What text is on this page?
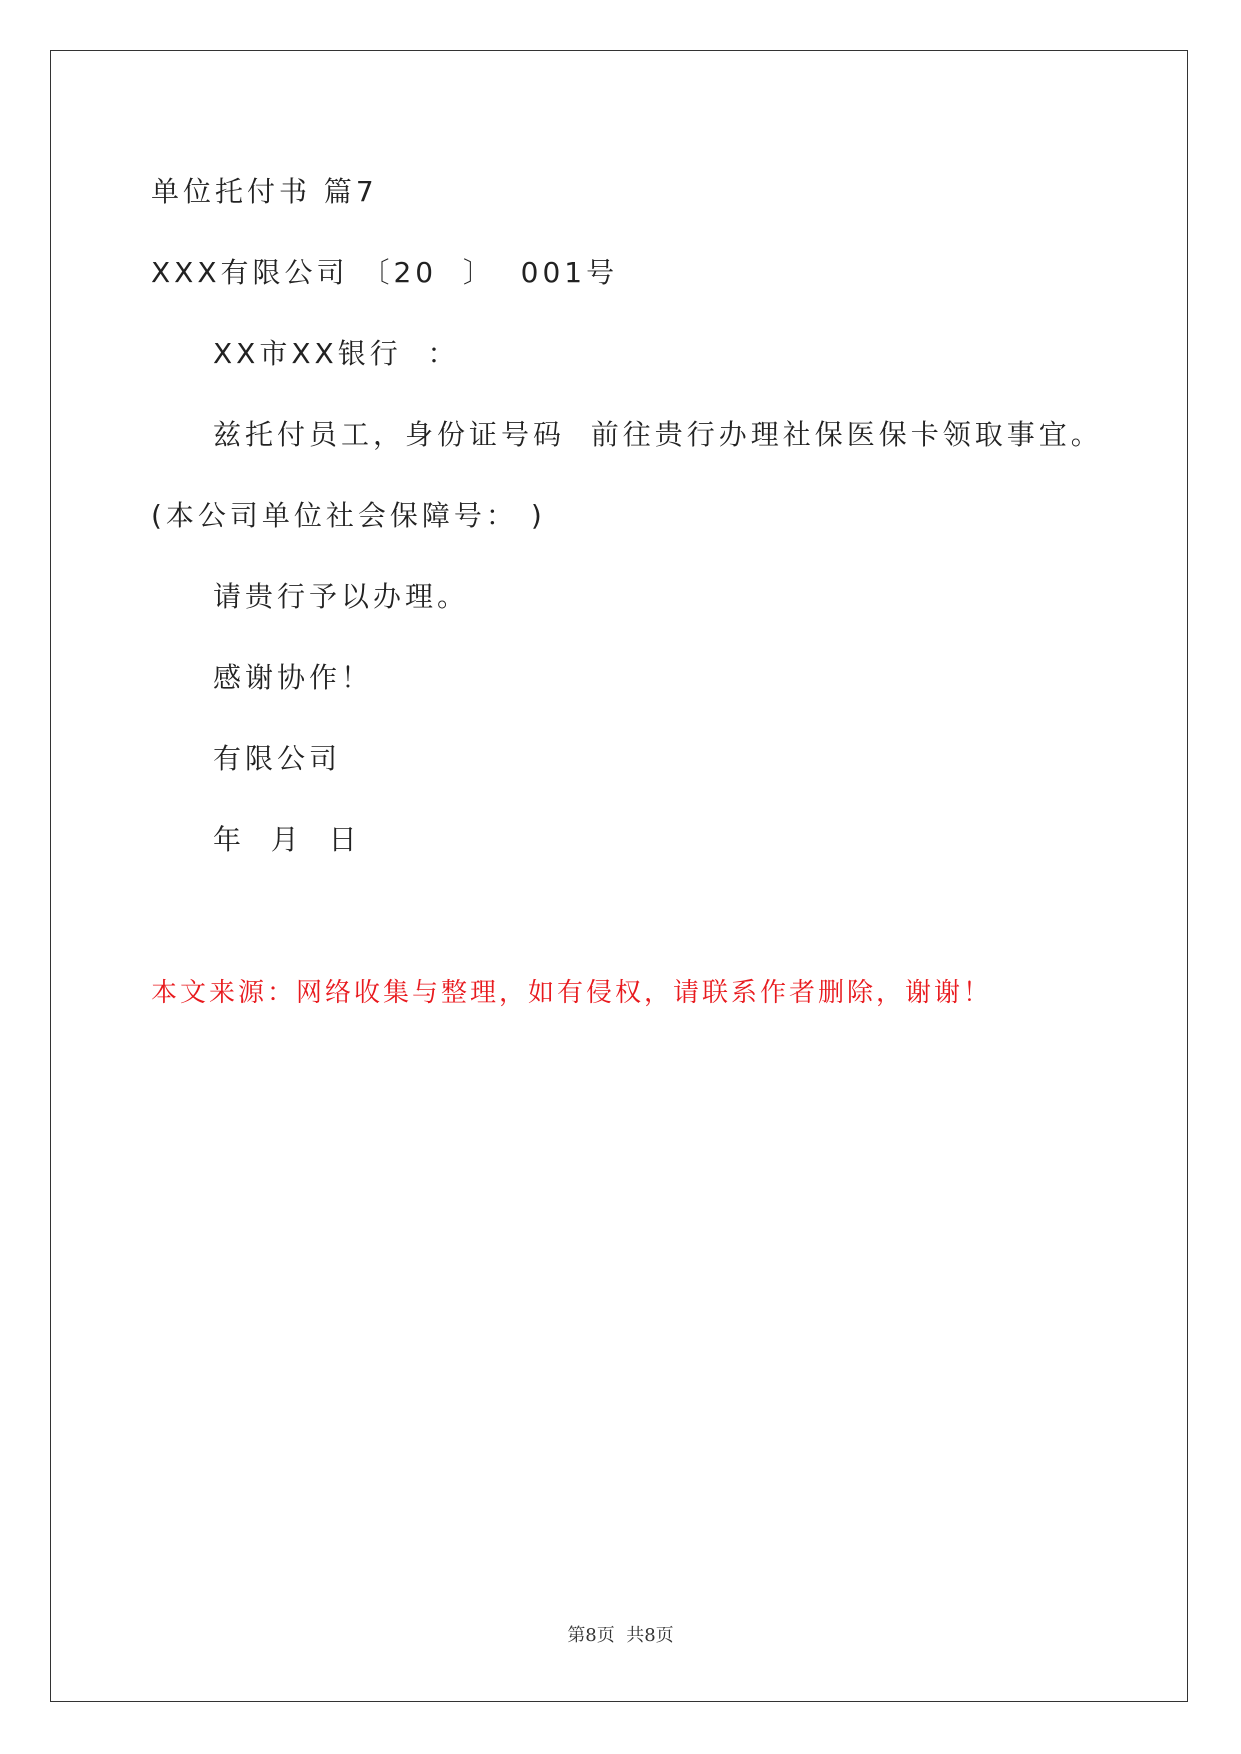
单位托付书 篇7
XXX有限公司 〔20  〕  001号
XX市XX银行  ：
兹托付员工，身份证号码  前往贵行办理社保医保卡领取事宜。
(本公司单位社会保障号： )
请贵行予以办理。
感谢协作！
有限公司
年  月  日
本文来源：网络收集与整理，如有侵权，请联系作者删除，谢谢！
第8页  共8页
